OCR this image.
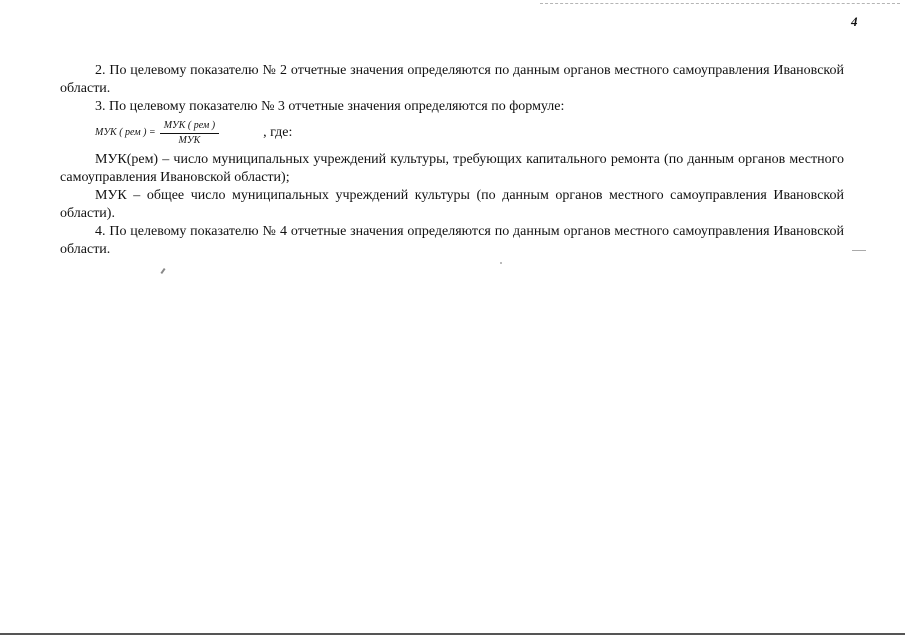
4

2. По целевому показателю № 2 отчетные значения определяются по данным органов местного самоуправления Ивановской области.

3. По целевому показателю № 3 отчетные значения определяются по формуле:

МУК ( рем ) = $\frac{\text{МУК ( рем )}}{\text{МУК}}$	, где:

МУК(рем) – число муниципальных учреждений культуры, требующих капитального ремонта (по данным органов местного самоуправления Ивановской области);

МУК – общее число муниципальных учреждений культуры (по данным органов местного самоуправления Ивановской области).

4. По целевому показателю № 4 отчетные значения определяются по данным органов местного самоуправления Ивановской области.
